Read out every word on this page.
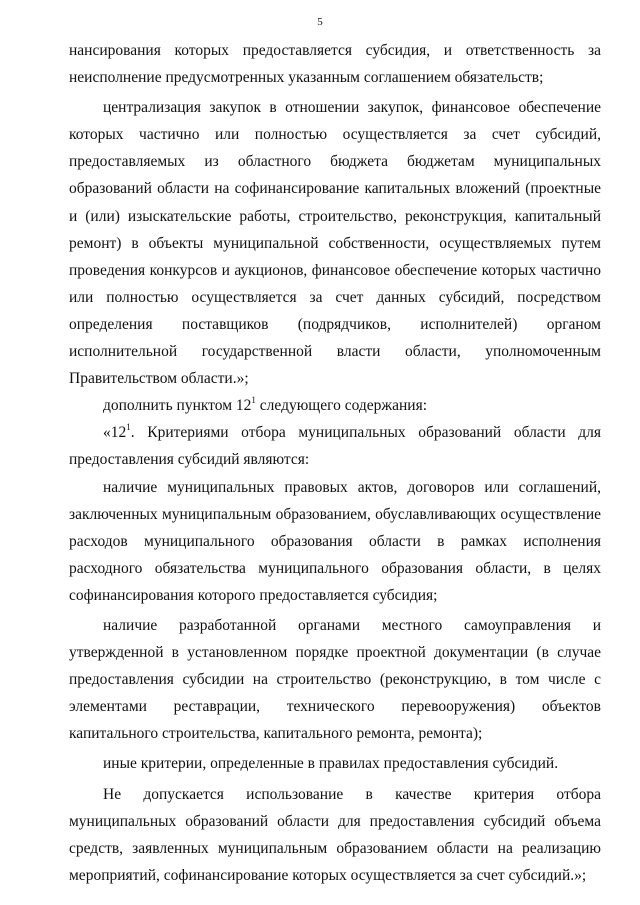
5

нансирования которых предоставляется субсидия, и ответственность за неисполнение предусмотренных указанным соглашением обязательств;

централизация закупок в отношении закупок, финансовое обеспечение которых частично или полностью осуществляется за счет субсидий, предоставляемых из областного бюджета бюджетам муниципальных образований области на софинансирование капитальных вложений (проектные и (или) изыскательские работы, строительство, реконструкция, капитальный ремонт) в объекты муниципальной собственности, осуществляемых путем проведения конкурсов и аукционов, финансовое обеспечение которых частично или полностью осуществляется за счет данных субсидий, посредством определения поставщиков (подрядчиков, исполнителей) органом исполнительной государственной власти области, уполномоченным Правительством области.»;

дополнить пунктом $12^1$ следующего содержания:

«$12^1$. Критериями отбора муниципальных образований области для предоставления субсидий являются:

наличие муниципальных правовых актов, договоров или соглашений, заключенных муниципальным образованием, обуславливающих осуществление расходов муниципального образования области в рамках исполнения расходного обязательства муниципального образования области, в целях софинансирования которого предоставляется субсидия;

наличие разработанной органами местного самоуправления и утвержденной в установленном порядке проектной документации (в случае предоставления субсидии на строительство (реконструкцию, в том числе с элементами реставрации, технического перевооружения) объектов капитального строительства, капитального ремонта, ремонта);

иные критерии, определенные в правилах предоставления субсидий.

Не допускается использование в качестве критерия отбора муниципальных образований области для предоставления субсидий объема средств, заявленных муниципальным образованием области на реализацию мероприятий, софинансирование которых осуществляется за счет субсидий.»;
